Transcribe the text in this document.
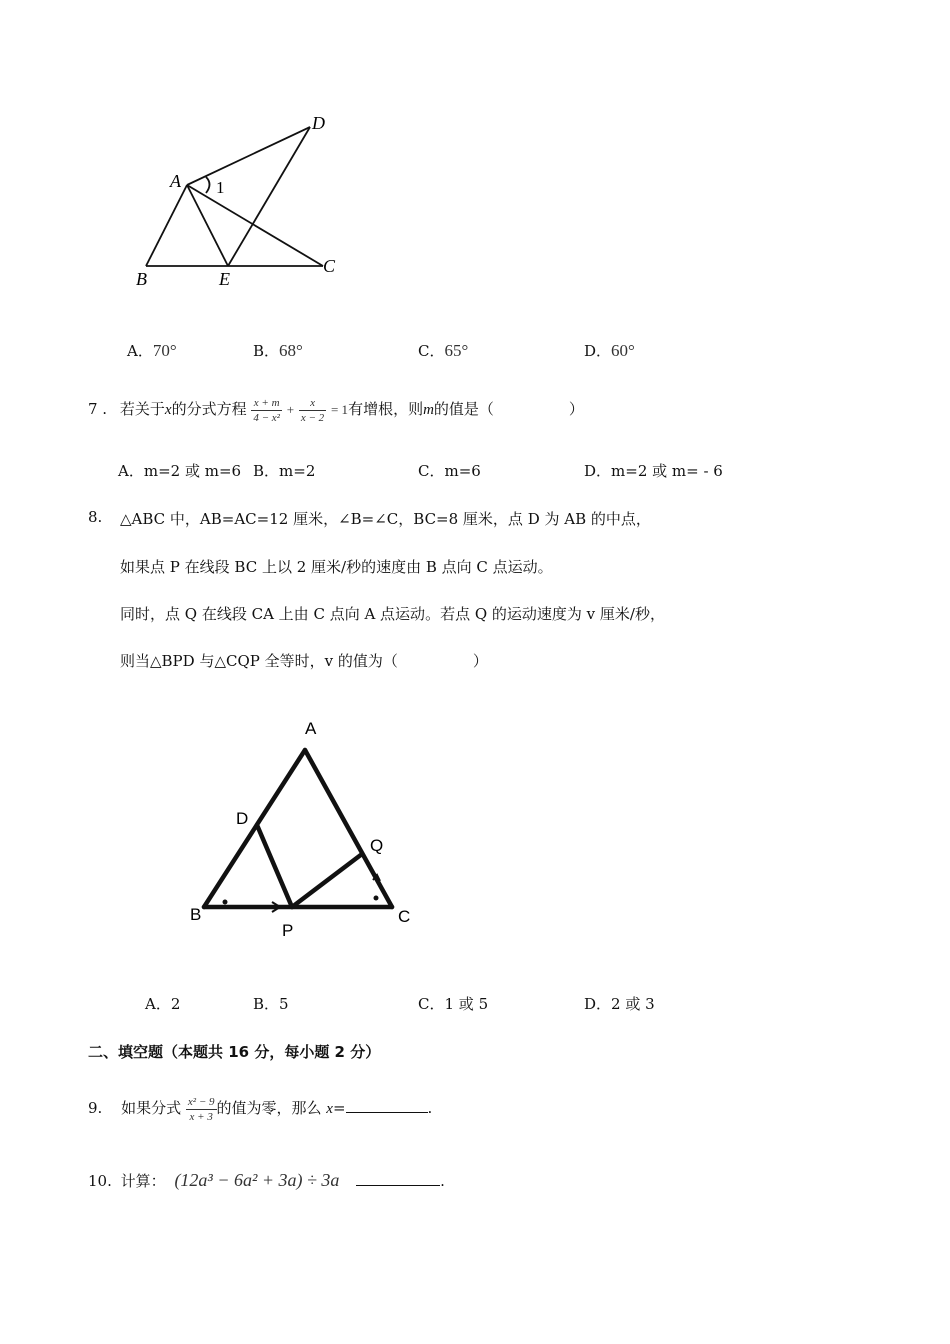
A
B	E
C
D
1
A．70°	B．68°	C．65°	D．60°
7 . 若关于x的分式方程 $\frac{x + m}{\text{4 − x²}} + \frac{x}{x - 2} = 1$有增根，则m的值是（　　　　　）
A．m=2 或 m=6 B．m=2	C．m=6	D．m=2 或 m= - 6
8. △ABC 中，AB=AC=12 厘米，∠B=∠C，BC=8 厘米，点 D 为 AB 的中点，
如果点 P 在线段 BC 上以 2 厘米/秒的速度由 B 点向 C 点运动。
同时，点 Q 在线段 CA 上由 C 点向 A 点运动。若点 Q 的运动速度为 v 厘米/秒，
则当△BPD 与△CQP 全等时，v 的值为（　　　　　）
A
B	C
D
P
Q
A．2	B．5	C．1 或 5	D．2 或 3
二、填空题（本题共 16 分，每小题 2 分）
9. 如果分式 $\frac{\text{x² − 9}}{x + 3}$ 的值为零，那么 x=	.
10. 计算： (12a³ − 6a² + 3a) ÷ 3a	.
